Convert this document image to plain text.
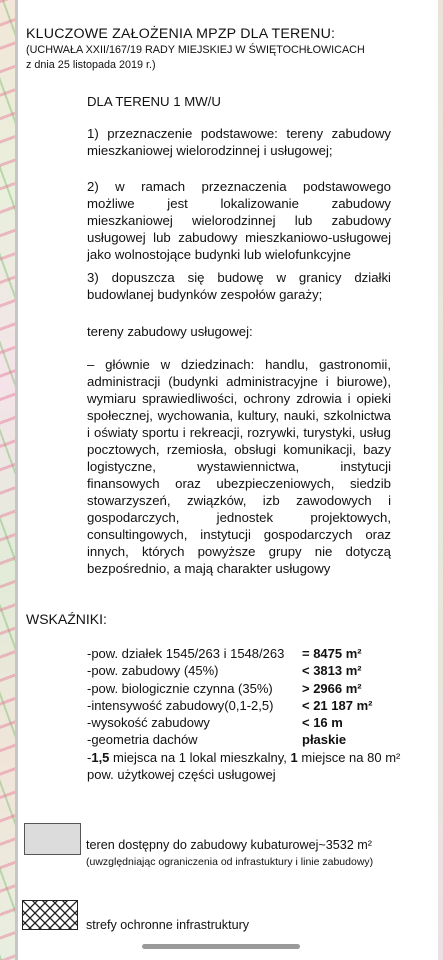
KLUCZOWE ZAŁOŻENIA MPZP DLA TERENU:
(UCHWAŁA XXII/167/19 RADY MIEJSKIEJ W ŚWIĘTOCHŁOWICACH
z dnia 25 listopada 2019 r.)
DLA TERENU 1 MW/U
1) przeznaczenie podstawowe: tereny zabudowy mieszkaniowej wielorodzinnej i usługowej;
2) w ramach przeznaczenia podstawowego możliwe jest lokalizowanie zabudowy mieszkaniowej wielorodzinnej lub zabudowy usługowej lub zabudowy mieszkaniowo-usługowej jako wolnostojące budynki lub wielofunkcyjne
3) dopuszcza się budowę w granicy działki budowlanej budynków zespołów garaży;
tereny zabudowy usługowej:
– głównie w dziedzinach: handlu, gastronomii, administracji (budynki administracyjne i biurowe), wymiaru sprawiedliwości, ochrony zdrowia i opieki społecznej, wychowania, kultury, nauki, szkolnictwa i oświaty sportu i rekreacji, rozrywki, turystyki, usług pocztowych, rzemiosła, obsługi komunikacji, bazy logistyczne, wystawiennictwa, instytucji finansowych oraz ubezpieczeniowych, siedzib stowarzyszeń, związków, izb zawodowych i gospodarczych, jednostek projektowych, consultingowych, instytucji gospodarczych oraz innych, których powyższe grupy nie dotyczą bezpośrednio, a mają charakter usługowy
WSKAŹNIKI:
-pow. działek 1545/263 i 1548/263	= 8475 m²
-pow. zabudowy (45%)	< 3813 m²
-pow. biologicznie czynna (35%)	> 2966 m²
-intensywość zabudowy(0,1-2,5)	< 21 187 m²
-wysokość zabudowy	< 16 m
-geometria dachów	płaskie
-1,5 miejsca na 1 lokal mieszkalny, 1 miejsce na 80 m² pow. użytkowej części usługowej
teren dostępny do zabudowy kubaturowej~3532 m²
(uwzględniając ograniczenia od infrastuktury i linie zabudowy)
strefy ochronne infrastruktury
